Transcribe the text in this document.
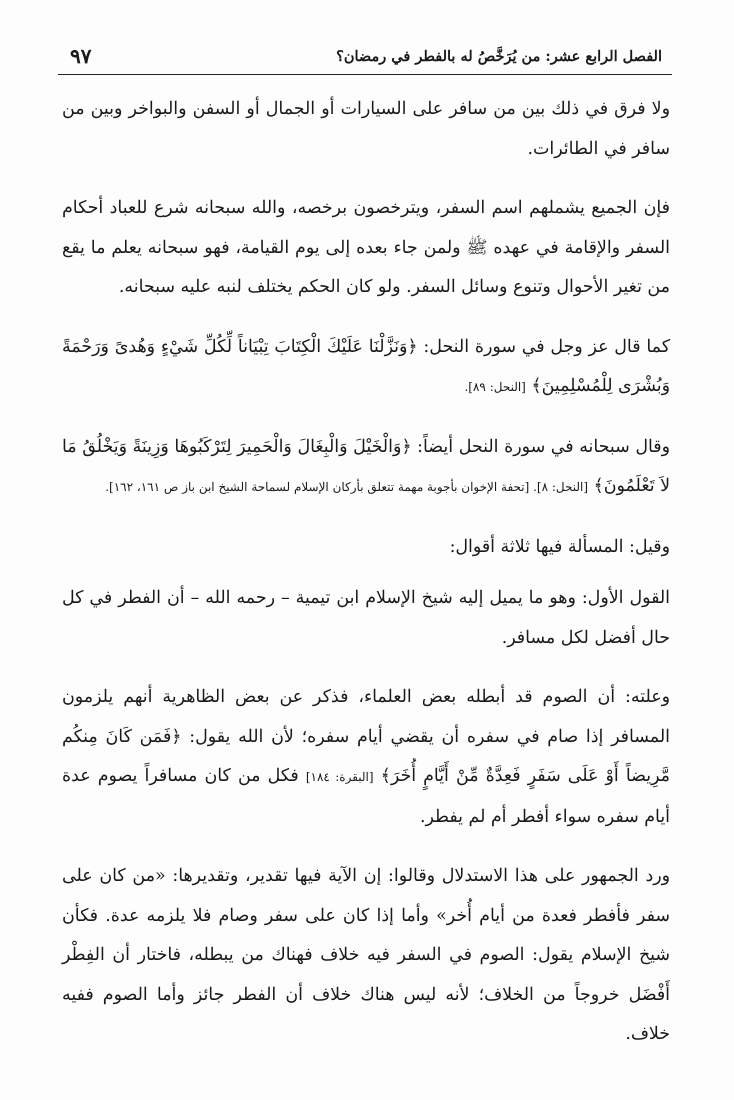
٩٧	الفصل الرابع عشر: من يُرَخَّصُ له بالفطر في رمضان؟

ولا فرق في ذلك بين من سافر على السيارات أو الجمال أو السفن والبواخر وبين من سافر في الطائرات.

فإن الجميع يشملهم اسم السفر، ويترخصون برخصه، والله سبحانه شرع للعباد أحكام السفر والإقامة في عهده ﷺ ولمن جاء بعده إلى يوم القيامة، فهو سبحانه يعلم ما يقع من تغير الأحوال وتنوع وسائل السفر. ولو كان الحكم يختلف لنبه عليه سبحانه.

كما قال عز وجل في سورة النحل: ﴿وَنَزَّلْنَا عَلَيْكَ الْكِتَابَ تِبْيَاناً لِّكُلِّ شَيْءٍ وَهُدىً وَرَحْمَةً وَبُشْرَى لِلْمُسْلِمِينَ﴾ [النحل: ٨٩].

وقال سبحانه في سورة النحل أيضاً: ﴿وَالْخَيْلَ وَالْبِغَالَ وَالْحَمِيرَ لِتَرْكَبُوهَا وَزِينَةً وَيَخْلُقُ مَا لاَ تَعْلَمُونَ﴾ [النحل: ٨]. [تحفة الإخوان بأجوبة مهمة تتعلق بأركان الإسلام لسماحة الشيخ ابن باز ص ١٦١، ١٦٢].

وقيل: المسألة فيها ثلاثة أقوال:

القول الأول: وهو ما يميل إليه شيخ الإسلام ابن تيمية – رحمه الله – أن الفطر في كل حال أفضل لكل مسافر.

وعلته: أن الصوم قد أبطله بعض العلماء، فذكر عن بعض الظاهرية أنهم يلزمون المسافر إذا صام في سفره أن يقضي أيام سفره؛ لأن الله يقول: ﴿فَمَن كَانَ مِنكُم مَّرِيضاً أَوْ عَلَى سَفَرٍ فَعِدَّةٌ مِّنْ أَيَّامٍ أُخَرَ﴾ [البقرة: ١٨٤] فكل من كان مسافراً يصوم عدة أيام سفره سواء أفطر أم لم يفطر.

ورد الجمهور على هذا الاستدلال وقالوا: إن الآية فيها تقدير، وتقديرها: «من كان على سفر فأفطر فعدة من أيام أُخر» وأما إذا كان على سفر وصام فلا يلزمه عدة. فكأن شيخ الإسلام يقول: الصوم في السفر فيه خلاف فهناك من يبطله، فاختار أن الفِطْر أَفْضَل خروجاً من الخلاف؛ لأنه ليس هناك خلاف أن الفطر جائز وأما الصوم ففيه خلاف.
